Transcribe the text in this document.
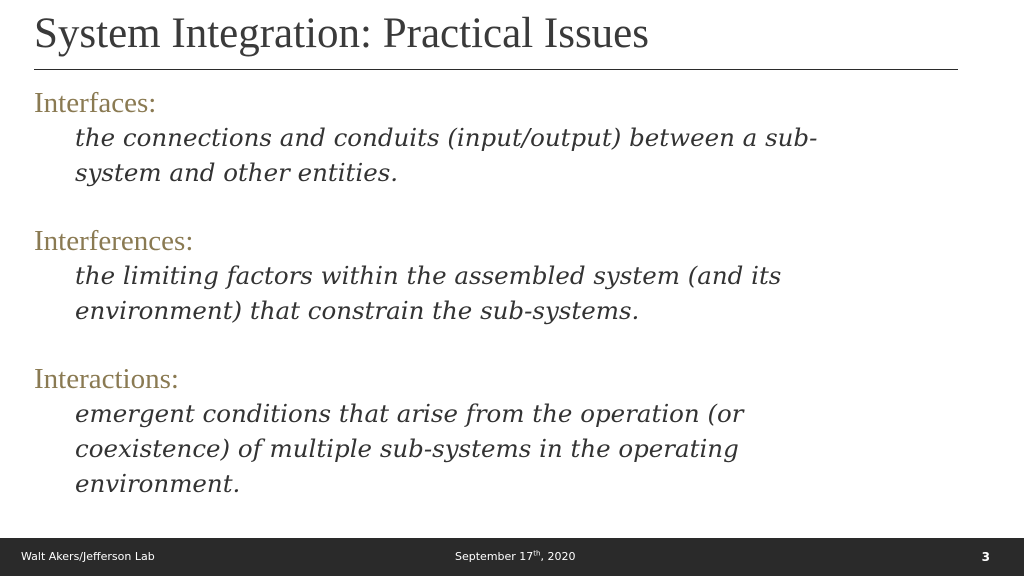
System Integration: Practical Issues
Interfaces:
the connections and conduits (input/output) between a sub-
system and other entities.
Interferences:
the limiting factors within the assembled system (and its
environment) that constrain the sub-systems.
Interactions:
emergent conditions that arise from the operation (or
coexistence) of multiple sub-systems in the operating
environment.
Walt Akers/Jefferson Lab	September 17th, 2020	3
